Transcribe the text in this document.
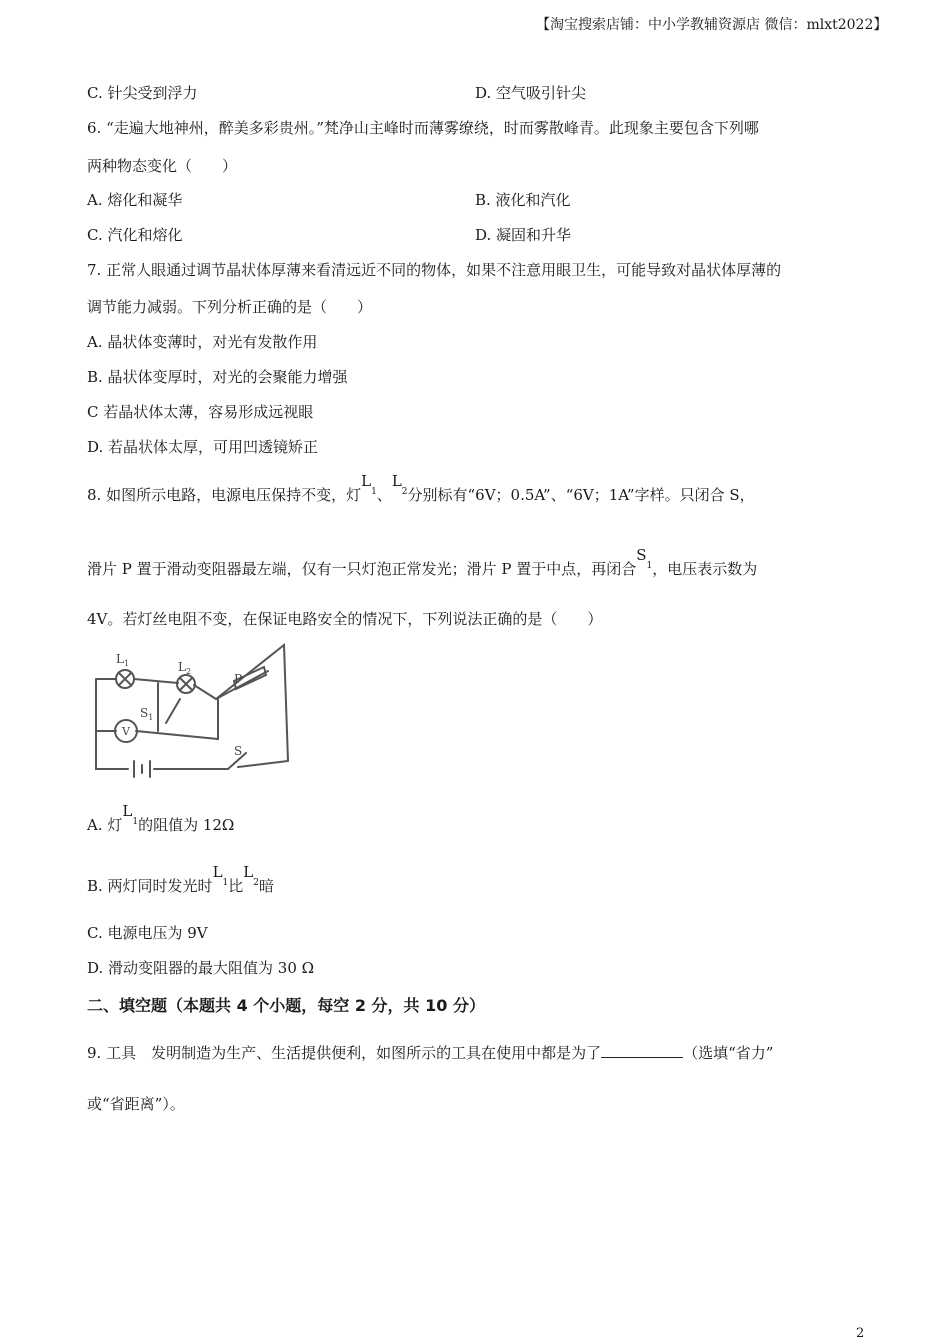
【淘宝搜索店铺：中小学教辅资源店 微信：mlxt2022】
C. 针尖受到浮力	D. 空气吸引针尖
6. “走遍大地神州，醉美多彩贵州。”梵净山主峰时而薄雾缭绕，时而雾散峰青。此现象主要包含下列哪
两种物态变化（　　）
A. 熔化和凝华	B. 液化和汽化
C. 汽化和熔化	D. 凝固和升华
7. 正常人眼通过调节晶状体厚薄来看清远近不同的物体，如果不注意用眼卫生，可能导致对晶状体厚薄的
调节能力减弱。下列分析正确的是（　　）
A. 晶状体变薄时，对光有发散作用
B. 晶状体变厚时，对光的会聚能力增强
C 若晶状体太薄，容易形成远视眼
D. 若晶状体太厚，可用凹透镜矫正
8. 如图所示电路，电源电压保持不变，灯$L_1$、$L_2$分别标有“6V；0.5A”、“6V；1A”字样。只闭合 S，
滑片 P 置于滑动变阻器最左端，仅有一只灯泡正常发光；滑片 P 置于中点，再闭合$S_1$，电压表示数为
4V。若灯丝电阻不变，在保证电路安全的情况下，下列说法正确的是（　　）
$L_1$	$L_2$
P
V
$S_1$
S
A. 灯$L_1$的阻值为 12Ω
B. 两灯同时发光时$L_1$比$L_2$暗
C. 电源电压为 9V
D. 滑动变阻器的最大阻值为 30 Ω
二、填空题（本题共 4 个小题，每空 2 分，共 10 分）
9. 工具　发明制造为生产、生活提供便利，如图所示的工具在使用中都是为了	（选填“省力”
或“省距离”）。
2
